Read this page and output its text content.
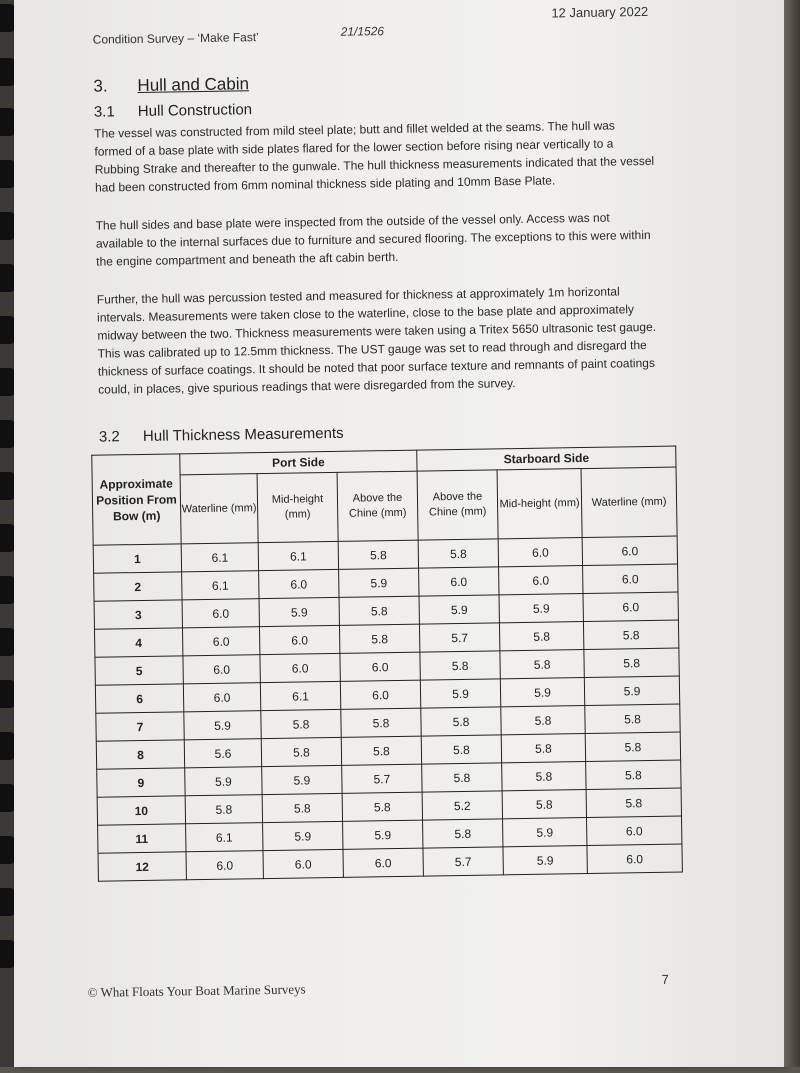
Condition Survey – ‘Make Fast’	21/1526
12 January 2022
3. Hull and Cabin
3.1 Hull Construction

The vessel was constructed from mild steel plate; butt and fillet welded at the seams. The hull was formed of a base plate with side plates flared for the lower section before rising near vertically to a Rubbing Strake and thereafter to the gunwale. The hull thickness measurements indicated that the vessel had been constructed from 6mm nominal thickness side plating and 10mm Base Plate.

The hull sides and base plate were inspected from the outside of the vessel only. Access was not available to the internal surfaces due to furniture and secured flooring. The exceptions to this were within the engine compartment and beneath the aft cabin berth.

Further, the hull was percussion tested and measured for thickness at approximately 1m horizontal intervals. Measurements were taken close to the waterline, close to the base plate and approximately midway between the two. Thickness measurements were taken using a Tritex 5650 ultrasonic test gauge. This was calibrated up to 12.5mm thickness. The UST gauge was set to read through and disregard the thickness of surface coatings. It should be noted that poor surface texture and remnants of paint coatings could, in places, give spurious readings that were disregarded from the survey.

3.2 Hull Thickness Measurements
Approximate Position From Bow (m)	Port Side			Starboard Side		
	Waterline (mm)	Mid-height (mm)	Above the Chine (mm)	Above the Chine (mm)	Mid-height (mm)	Waterline (mm)
1	6.1	6.1	5.8	5.8	6.0	6.0
2	6.1	6.0	5.9	6.0	6.0	6.0
3	6.0	5.9	5.8	5.9	5.9	6.0
4	6.0	6.0	5.8	5.7	5.8	5.8
5	6.0	6.0	6.0	5.8	5.8	5.8
6	6.0	6.1	6.0	5.9	5.9	5.9
7	5.9	5.8	5.8	5.8	5.8	5.8
8	5.6	5.8	5.8	5.8	5.8	5.8
9	5.9	5.9	5.7	5.8	5.8	5.8
10	5.8	5.8	5.8	5.2	5.8	5.8
11	6.1	5.9	5.9	5.8	5.9	6.0
12	6.0	6.0	6.0	5.7	5.9	6.0
© What Floats Your Boat Marine Surveys
7
